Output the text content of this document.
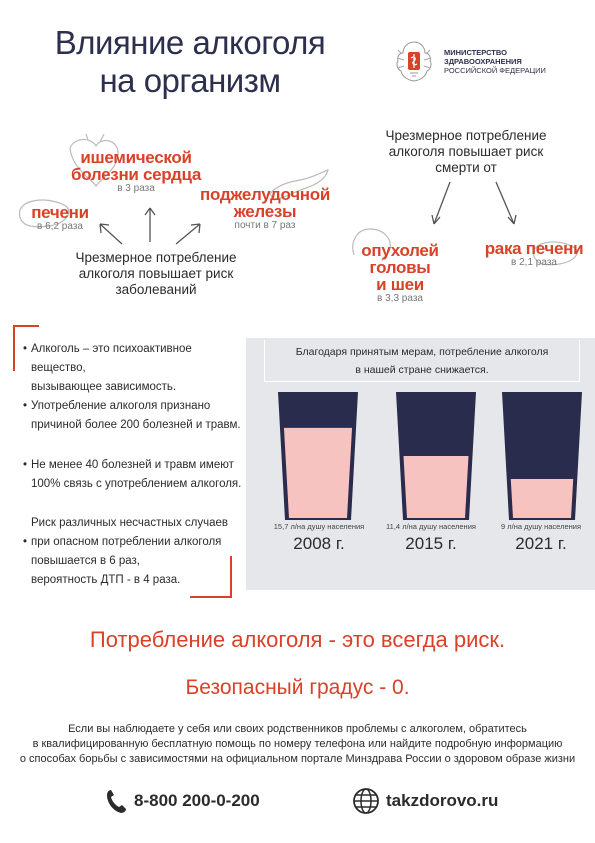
Влияние алкоголя
на организм
МИНИСТЕРСТВО
ЗДРАВООХРАНЕНИЯ
РОССИЙСКОЙ ФЕДЕРАЦИИ
ишемической
болезни сердца
в 3 раза
печени
в 6,2 раза
поджелудочной
железы
почти в 7 раз
Чрезмерное потребление
алкоголя повышает риск
заболеваний
Чрезмерное потребление
алкоголя повышает риск
смерти от
опухолей головы
и шеи
в 3,3 раза
рака печени
в 2,1 раза
• Алкоголь – это психоактивное вещество,
вызывающее зависимость.
• Употребление алкоголя признано
причиной более 200 болезней и травм.
• Не менее 40 болезней и травм имеют
100% связь с употреблением алкоголя.
Риск различных несчастных случаев
• при опасном потреблении алкоголя
повышается в 6 раз,
вероятность ДТП - в 4 раза.
Благодаря принятым мерам, потребление алкоголя
в нашей стране снижается.
15,7 л/на душу населения
2008 г.
11,4 л/на душу населения
2015 г.
9 л/на душу населения
2021 г.
Потребление алкоголя - это всегда риск.
Безопасный градус - 0.
Если вы наблюдаете у себя или своих родственников проблемы с алкоголем, обратитесь
в квалифицированную бесплатную помощь по номеру телефона или найдите подробную информацию
о способах борьбы с зависимостями на официальном портале Минздрава России о здоровом образе жизни
8-800 200-0-200	takzdorovo.ru
